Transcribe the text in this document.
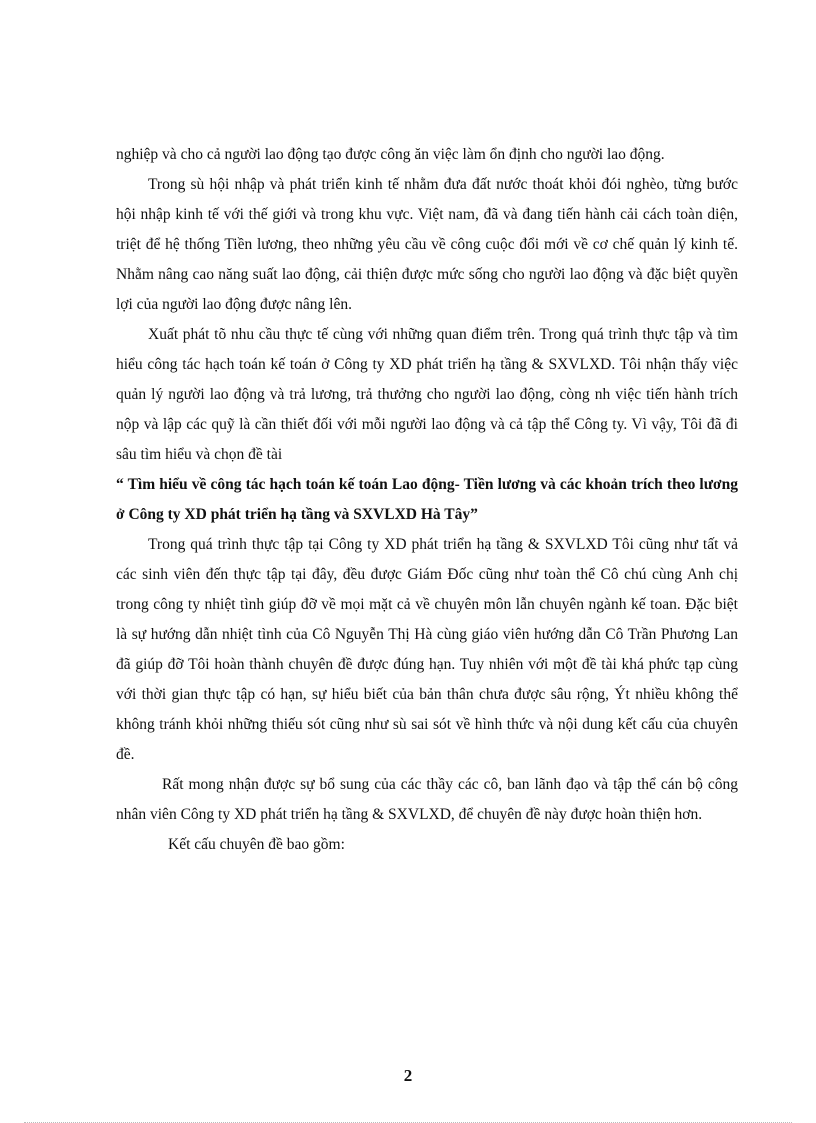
nghiệp và cho cả người lao động tạo được công ăn việc làm ổn định cho người lao động.

Trong sù hội nhập và phát triển kinh tế nhằm đưa đất nước thoát khỏi đói nghèo, từng bước hội nhập kinh tế với thế giới và trong khu vực. Việt nam, đã và đang tiến hành cải cách toàn diện, triệt để hệ thống Tiền lương, theo những yêu cầu về công cuộc đổi mới về cơ chế quản lý kinh tế. Nhằm nâng cao năng suất lao động, cải thiện được mức sống cho người lao động và đặc biệt quyền lợi của người lao động được nâng lên.

Xuất phát tõ nhu cầu thực tế cùng với những quan điểm trên. Trong quá trình thực tập và tìm hiểu công tác hạch toán kế toán ở Công ty XD phát triển hạ tầng & SXVLXD. Tôi nhận thấy việc quản lý người lao động và trả lương, trả thưởng cho người lao động, còng nh việc tiến hành trích nộp và lập các quỹ là cần thiết đối với mỗi người lao động và cả tập thể Công ty. Vì vậy, Tôi đã đi sâu tìm hiểu và chọn đề tài

“ Tìm hiểu về công tác hạch toán kế toán Lao động- Tiền lương và các khoản trích theo lương ở Công ty XD phát triển hạ tầng và SXVLXD Hà Tây”

Trong quá trình thực tập tại Công ty XD phát triển hạ tầng & SXVLXD Tôi cũng như tất vả các sinh viên đến thực tập tại đây, đều được Giám Đốc cũng như toàn thể Cô chú cùng Anh chị trong công ty nhiệt tình giúp đỡ về mọi mặt cả về chuyên môn lẫn chuyên ngành kế toan. Đặc biệt là sự hướng dẫn nhiệt tình của Cô Nguyễn Thị Hà cùng giáo viên hướng dẫn Cô Trần Phương Lan đã giúp đỡ Tôi hoàn thành chuyên đề được đúng hạn. Tuy nhiên với một đề tài khá phức tạp cùng với thời gian thực tập có hạn, sự hiểu biết của bản thân chưa được sâu rộng, Ýt nhiều không thể không tránh khỏi những thiếu sót cũng như sù sai sót về hình thức và nội dung kết cấu của chuyên đề.

Rất mong nhận được sự bổ sung của các thầy các cô, ban lãnh đạo và tập thể cán bộ công nhân viên Công ty XD phát triển hạ tầng & SXVLXD, để chuyên đề này được hoàn thiện hơn.

Kết cấu chuyên đề bao gồm:

2
